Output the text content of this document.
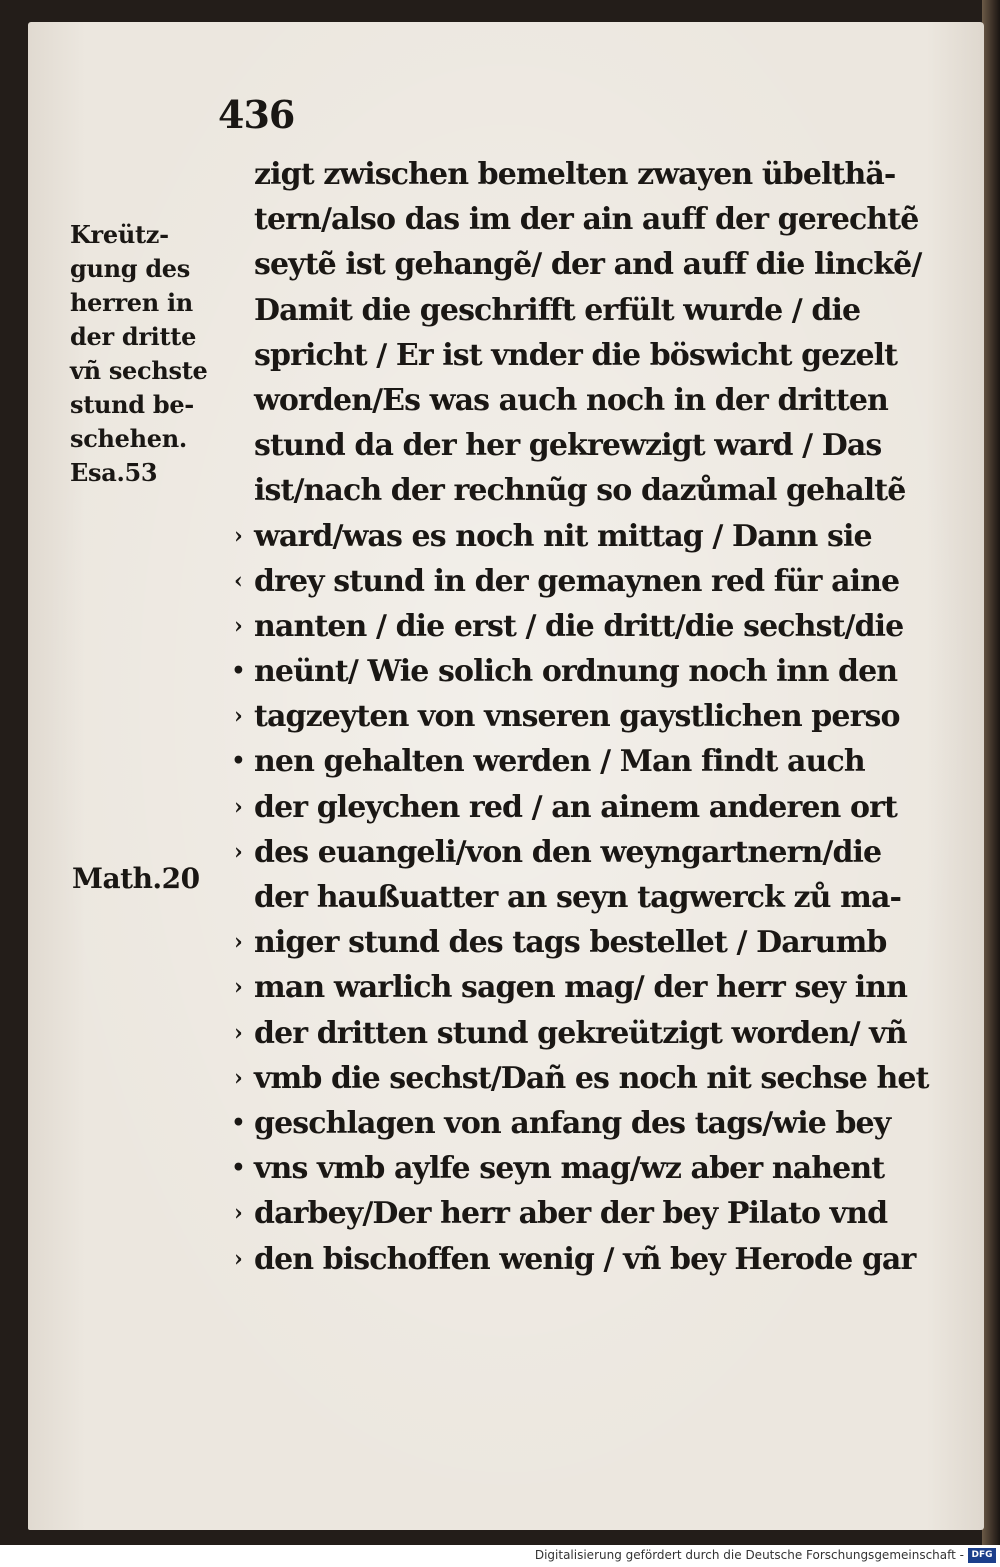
436
Kreütz-
gung des
herren in
der dritte
vñ sechste
stund be-
schehen.
Esa.53
Math.20
zigt zwischen bemelten zwayen übelthä-
tern/also das im der ain auff der gerechtẽ
seytẽ ist gehangẽ/ der and auff die linckẽ/
Damit die geschrifft erfült wurde / die
spricht / Er ist vnder die böswicht gezelt
worden/Es was auch noch in der dritten
stund da der her gekrewzigt ward / Das
ist/nach der rechnũg so dazůmal gehaltẽ
› ward/was es noch nit mittag / Dann sie
‹ drey stund in der gemaynen red für aine
› nanten / die erst / die dritt/die sechst/die
• neünt/ Wie solich ordnung noch inn den
› tagzeyten von vnseren gaystlichen perso
• nen gehalten werden / Man findt auch
› der gleychen red / an ainem anderen ort
› des euangeli/von den weyngartnern/die
der haußuatter an seyn tagwerck zů ma-
› niger stund des tags bestellet / Darumb
› man warlich sagen mag/ der herr sey inn
› der dritten stund gekreützigt worden/ vñ
› vmb die sechst/Dañ es noch nit sechse het
• geschlagen von anfang des tags/wie bey
• vns vmb aylfe seyn mag/wz aber nahent
› darbey/Der herr aber der bey Pilato vnd
› den bischoffen wenig / vñ bey Herode gar
Digitalisierung gefördert durch die Deutsche Forschungsgemeinschaft - DFG
